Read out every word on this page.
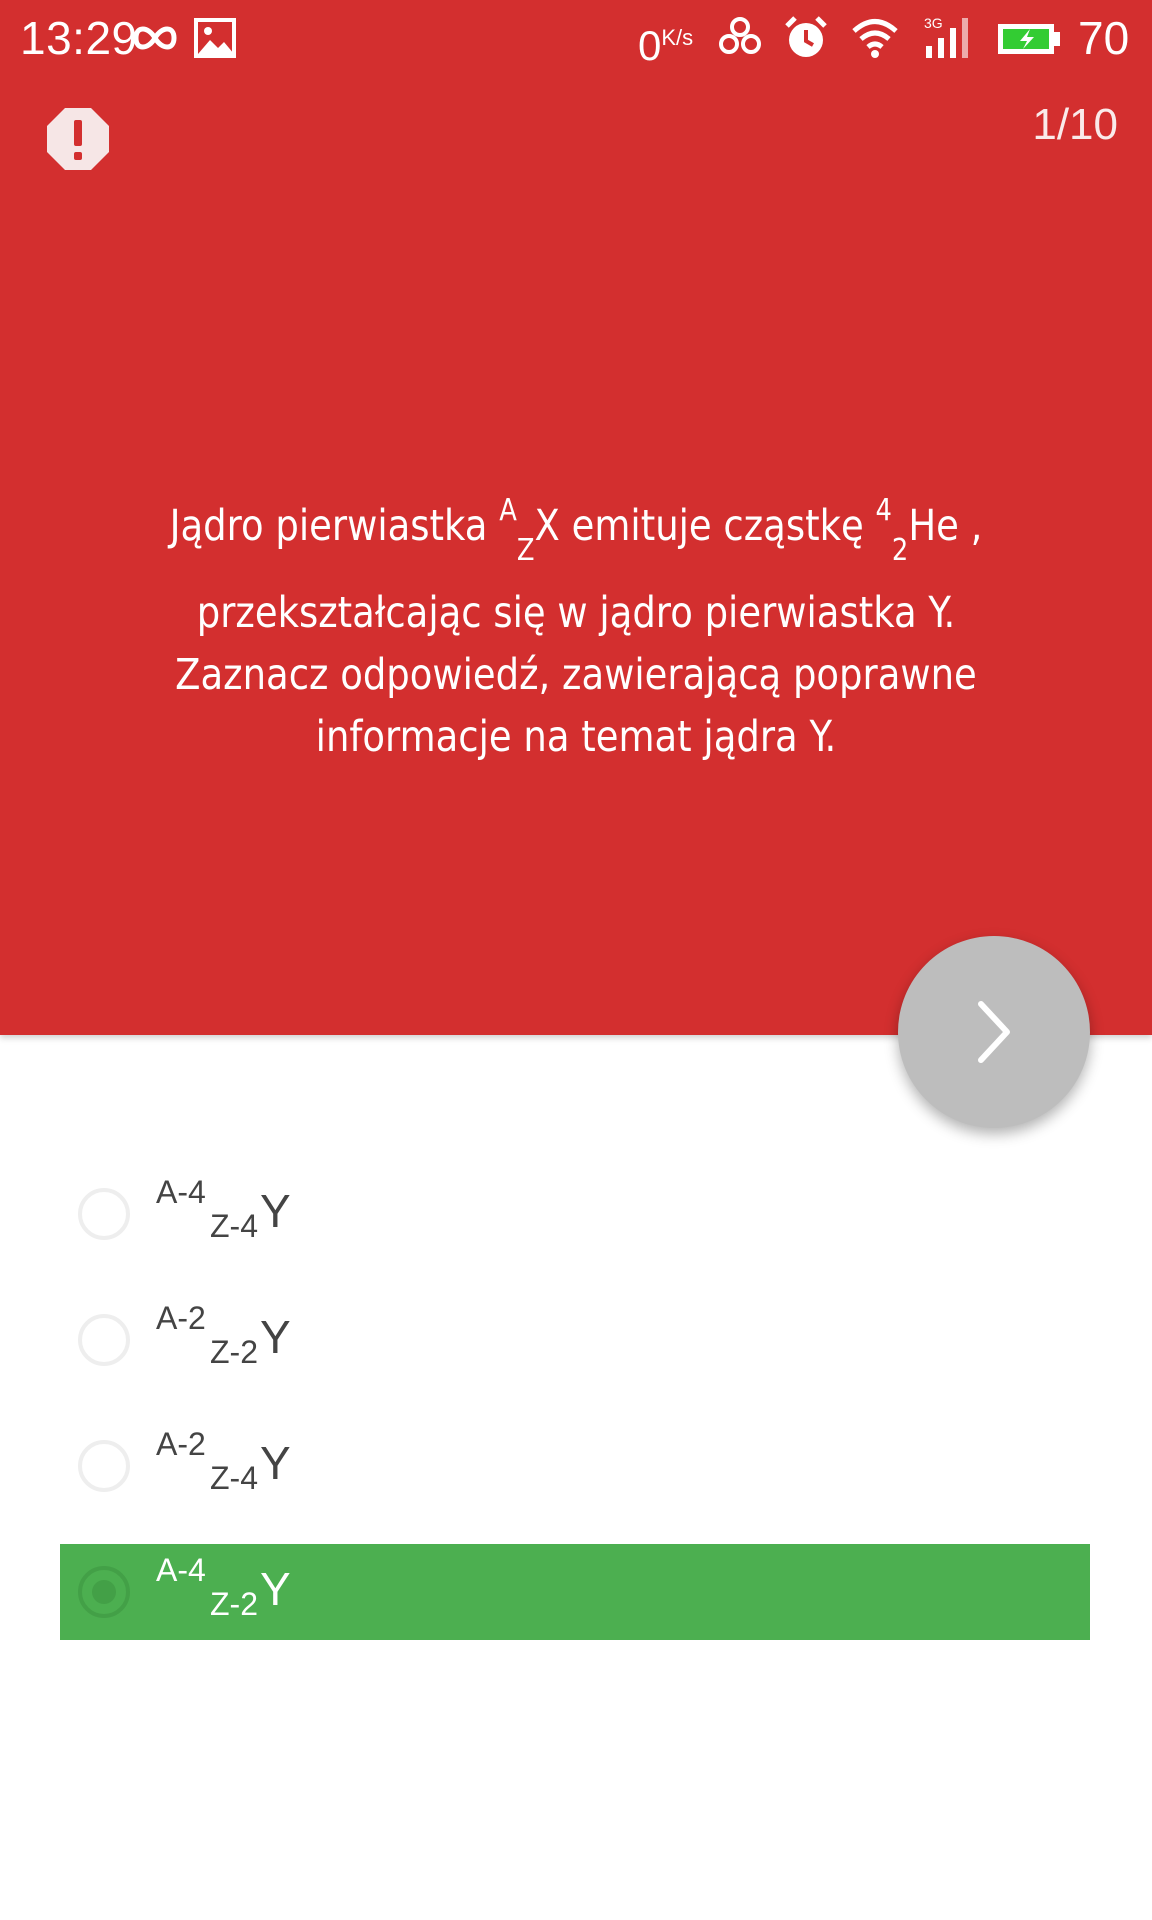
13:29	$0^{K/s}$
3G	70
1/10
Jądro pierwiastka $^A_Z$X emituje cząstkę $^4_2$He ,
przekształcając się w jądro pierwiastka Y.
Zaznacz odpowiedź, zawierającą poprawne
informacje na temat jądra Y.
A-4
Z-4 Y
A-2
Z-2 Y
A-2
Z-4 Y
A-4
Z-2 Y
